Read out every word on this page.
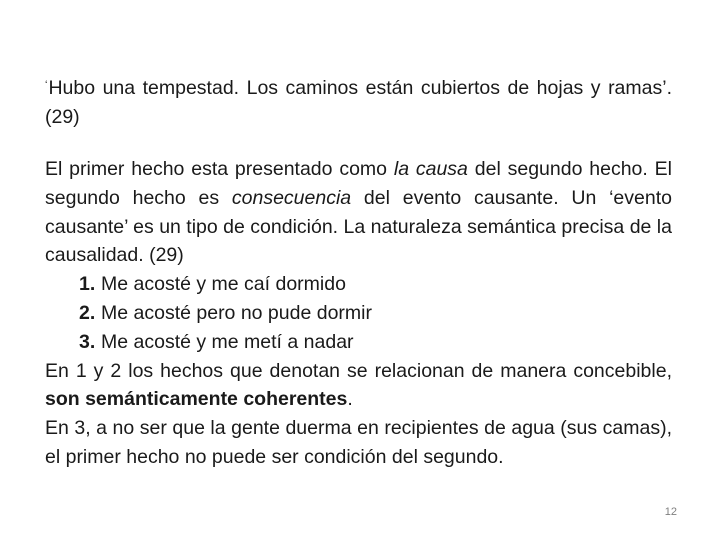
‘Hubo una tempestad. Los caminos están cubiertos de hojas y ramas’. (29)

El primer hecho esta presentado como la causa del segundo hecho. El segundo hecho es consecuencia del evento causante. Un ‘evento causante’ es un tipo de condición. La naturaleza semántica precisa de la causalidad. (29)

1. Me acosté y me caí dormido
2. Me acosté pero no pude dormir
3. Me acosté y me metí a nadar

En 1 y 2 los hechos que denotan se relacionan de manera concebible, son semánticamente coherentes.

En 3, a no ser que la gente duerma en recipientes de agua (sus camas), el primer hecho no puede ser condición del segundo.

12
